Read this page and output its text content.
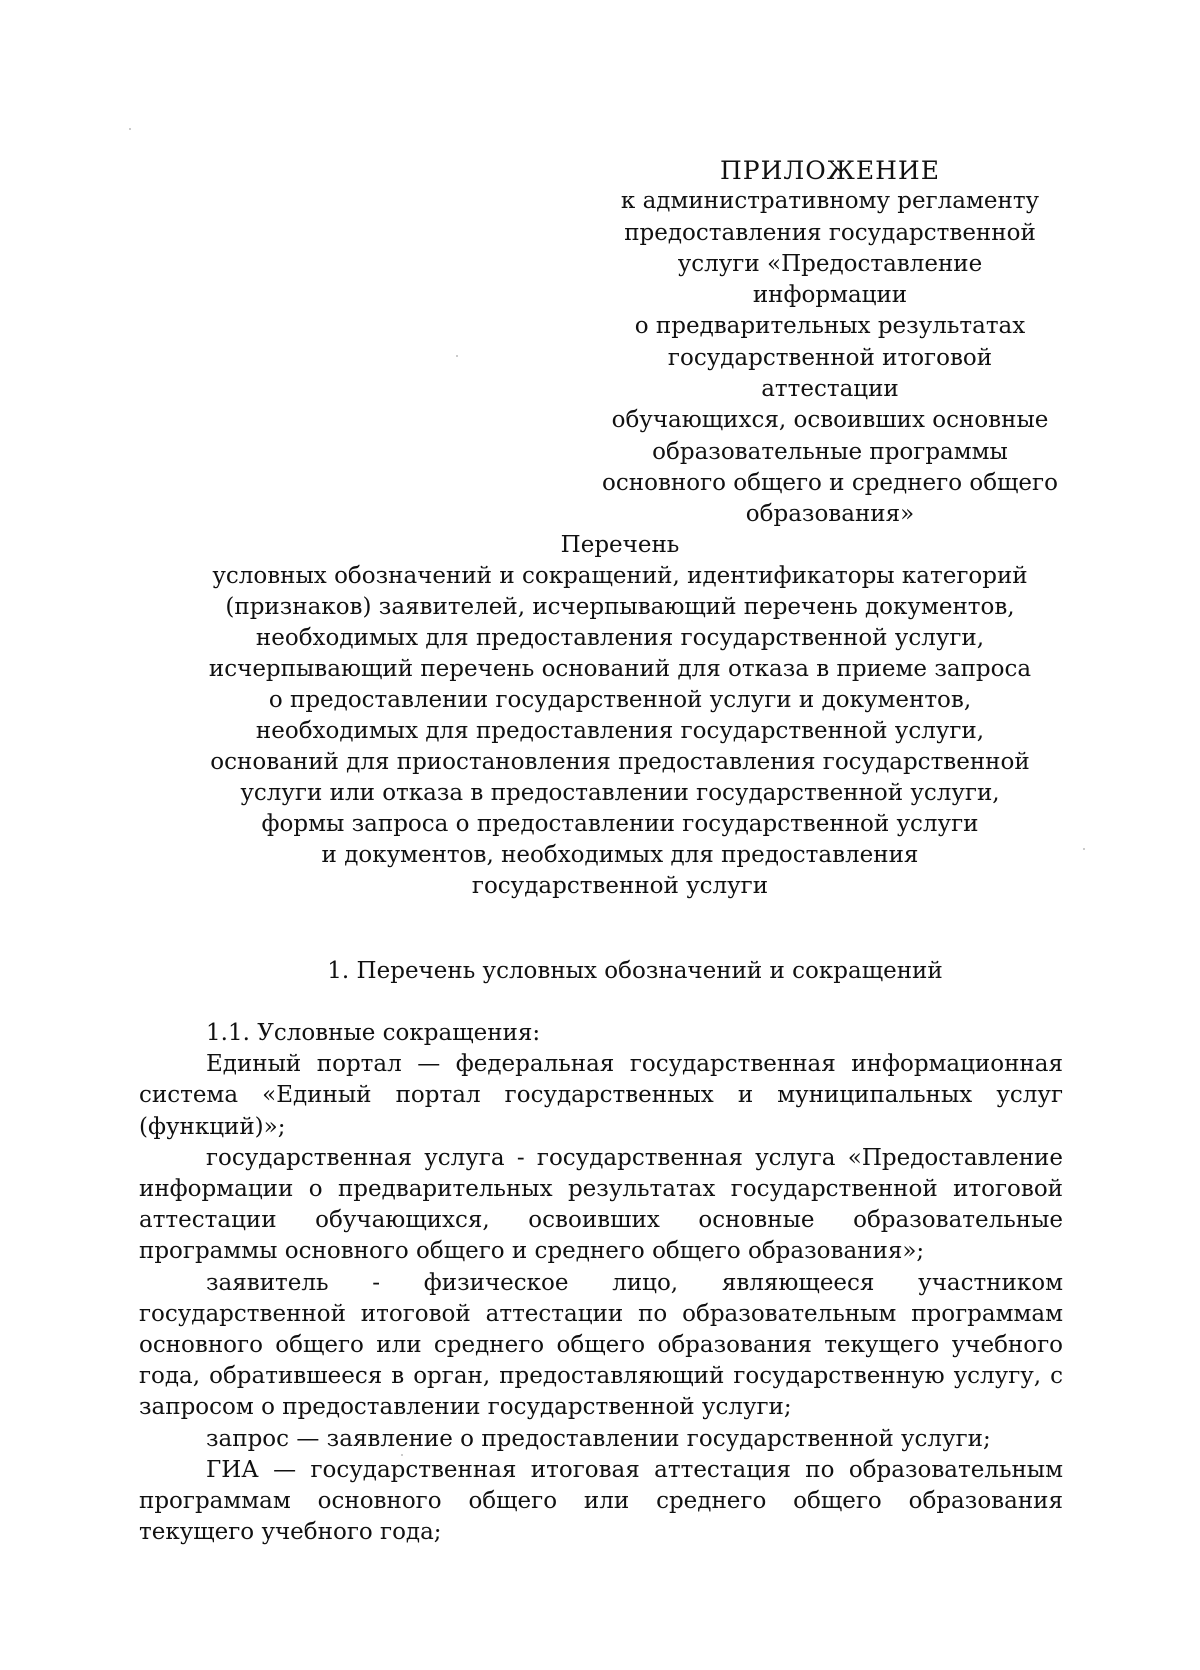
ПРИЛОЖЕНИЕ
к административному регламенту
предоставления государственной
услуги «Предоставление информации
о предварительных результатах
государственной итоговой аттестации
обучающихся, освоивших основные
образовательные программы
основного общего и среднего общего
образования»
Перечень
условных обозначений и сокращений, идентификаторы категорий
(признаков) заявителей, исчерпывающий перечень документов,
необходимых для предоставления государственной услуги,
исчерпывающий перечень оснований для отказа в приеме запроса
о предоставлении государственной услуги и документов,
необходимых для предоставления государственной услуги,
оснований для приостановления предоставления государственной
услуги или отказа в предоставлении государственной услуги,
формы запроса о предоставлении государственной услуги
и документов, необходимых для предоставления
государственной услуги
1. Перечень условных обозначений и сокращений

1.1. Условные сокращения:

Единый портал — федеральная государственная информационная система «Единый портал государственных и муниципальных услуг (функций)»;

государственная услуга - государственная услуга «Предоставление информации о предварительных результатах государственной итоговой аттестации обучающихся, освоивших основные образовательные программы основного общего и среднего общего образования»;

заявитель - физическое лицо, являющееся участником государственной итоговой аттестации по образовательным программам основного общего или среднего общего образования текущего учебного года, обратившееся в орган, предоставляющий государственную услугу, с запросом о предоставлении государственной услуги;

запрос — заявление о предоставлении государственной услуги;

ГИА — государственная итоговая аттестация по образовательным программам основного общего или среднего общего образования текущего учебного года;
